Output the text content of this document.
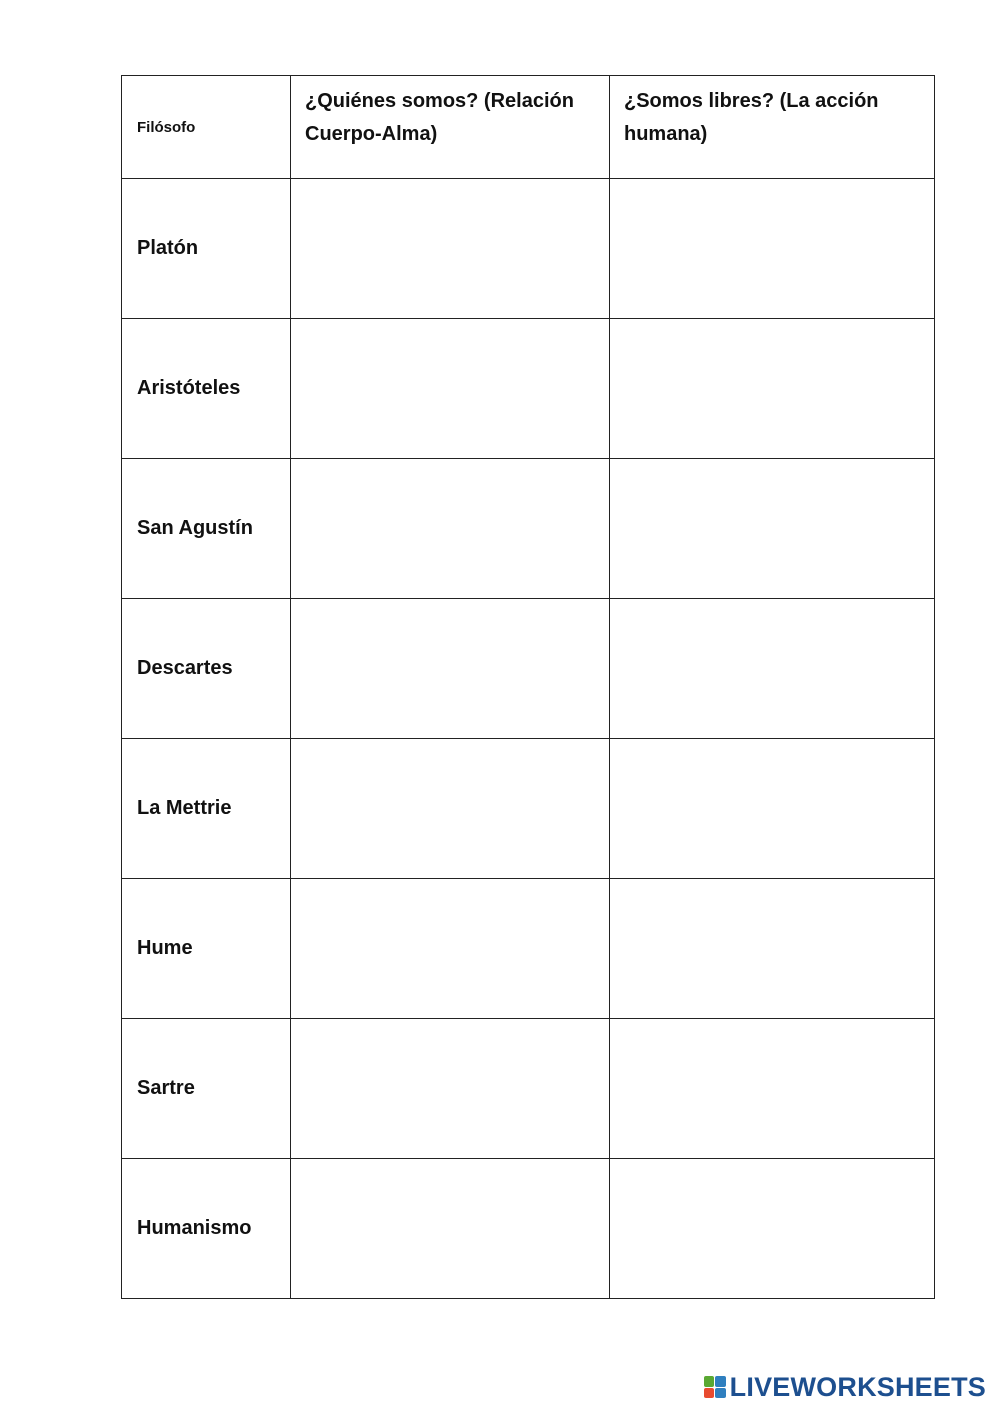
Filósofo	¿Quiénes somos? (Relación Cuerpo-Alma)	¿Somos libres? (La acción humana)
Platón		
Aristóteles		
San Agustín		
Descartes		
La Mettrie		
Hume		
Sartre		
Humanismo		
LIVEWORKSHEETS
